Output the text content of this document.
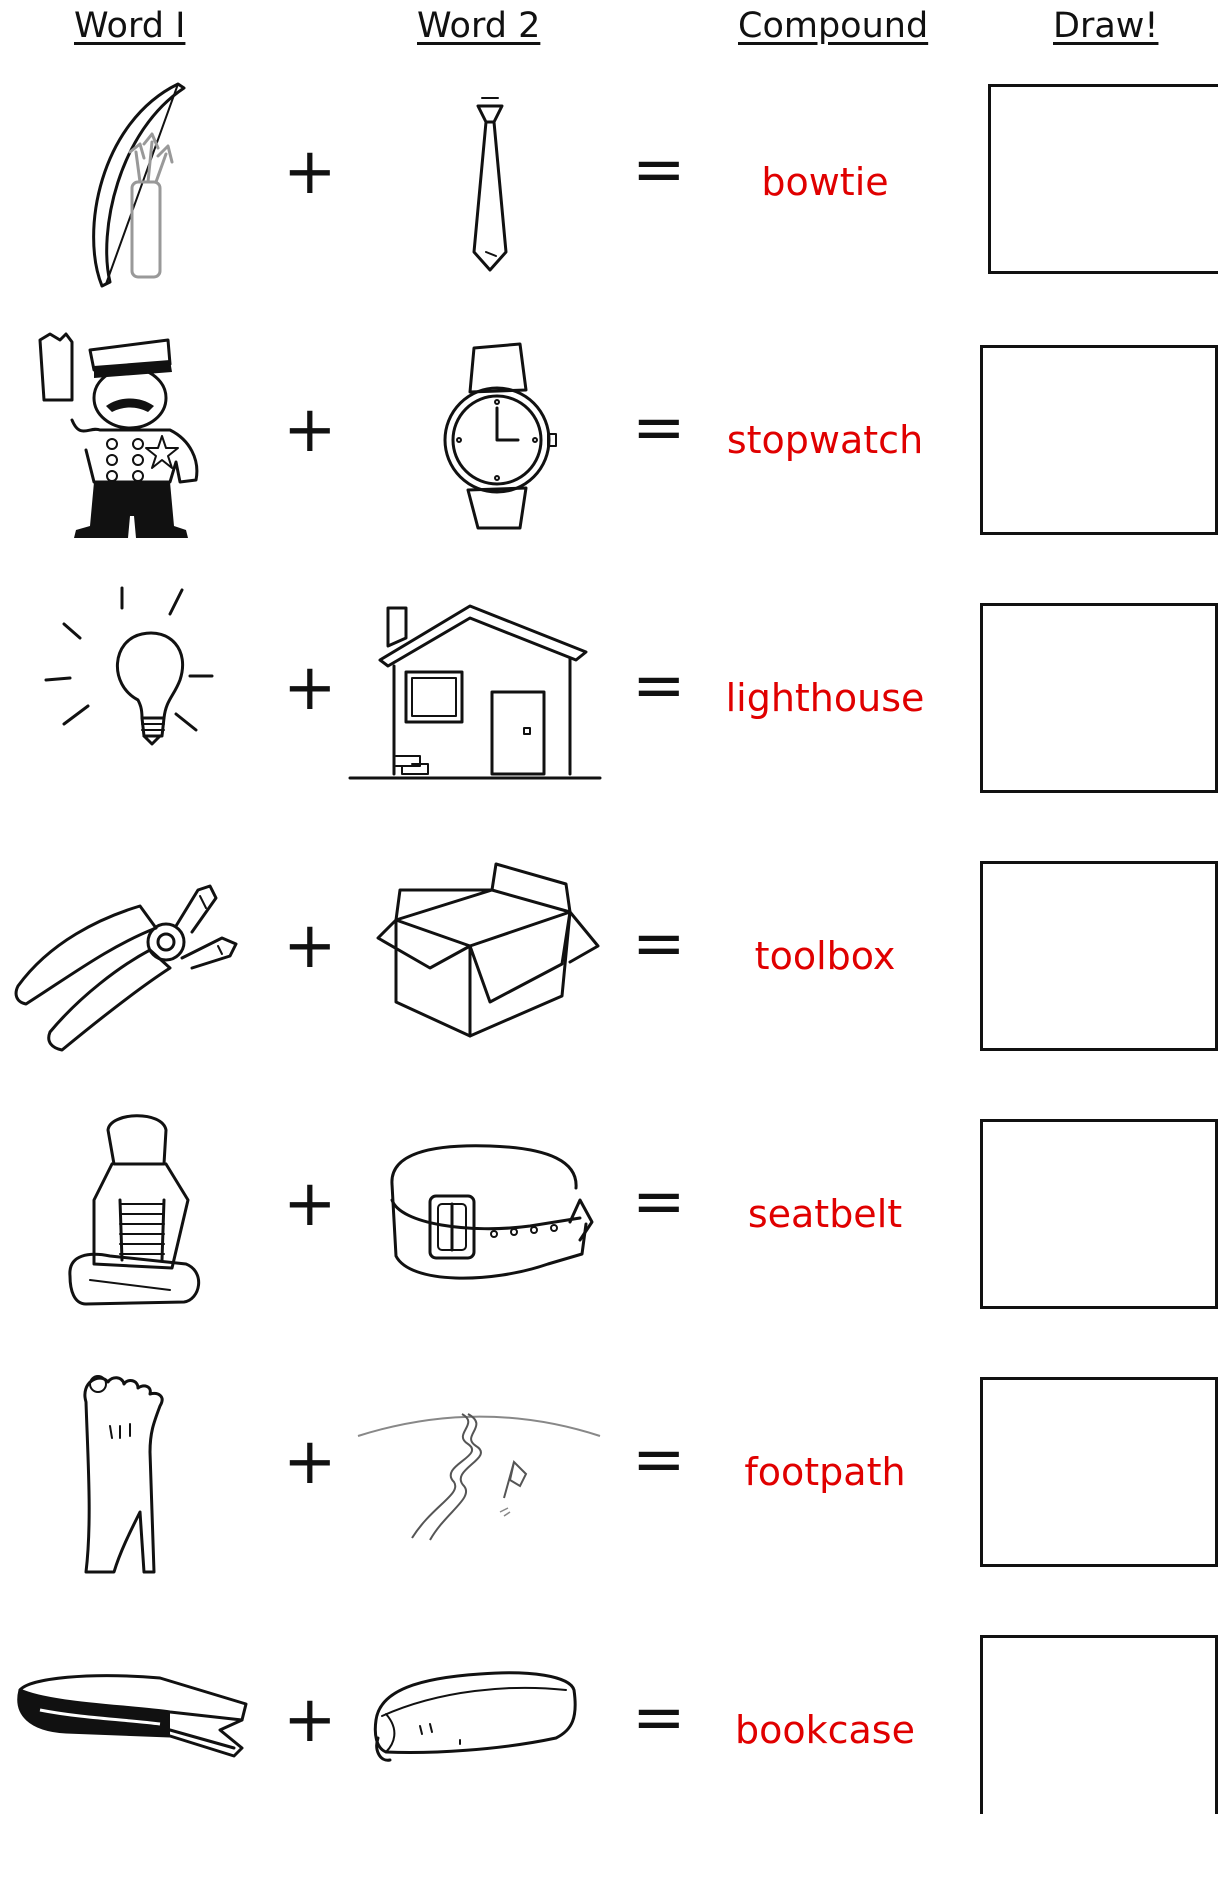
Word I	Word 2	Compound	Draw!
+	=	bowtie
+	=	stopwatch
+	=	lighthouse
+	=	toolbox
+	=	seatbelt
+	=	footpath
+	=	bookcase
